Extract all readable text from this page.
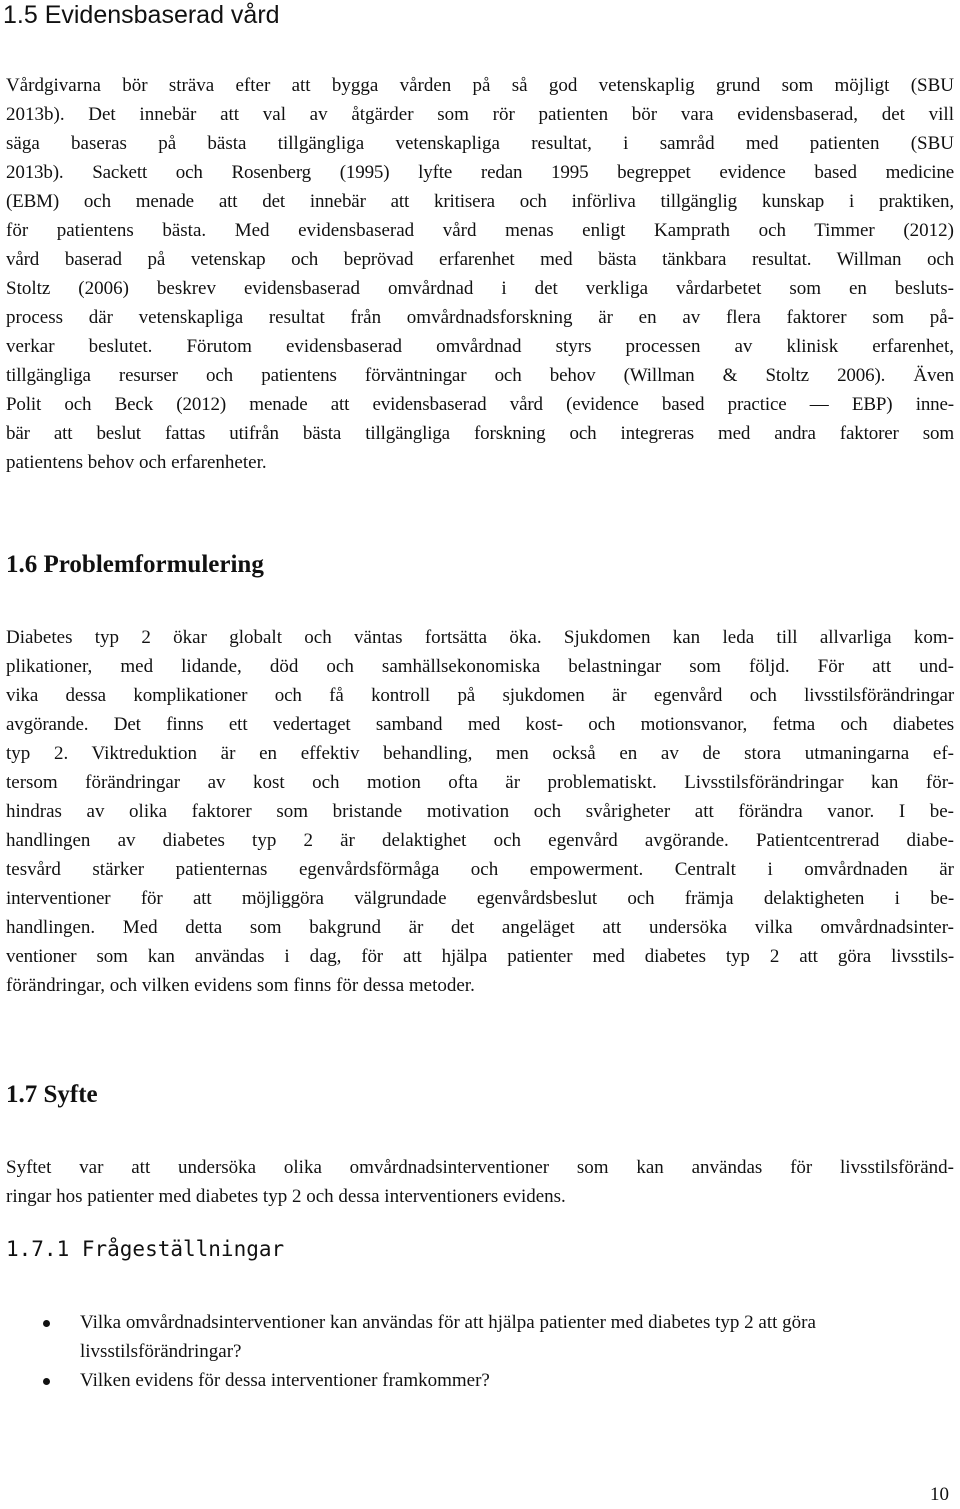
1.5 Evidensbaserad vård
Vårdgivarna bör sträva efter att bygga vården på så god vetenskaplig grund som möjligt (SBU
2013b). Det innebär att val av åtgärder som rör patienten bör vara evidensbaserad, det vill
säga baseras på bästa tillgängliga vetenskapliga resultat, i samråd med patienten (SBU
2013b). Sackett och Rosenberg (1995) lyfte redan 1995 begreppet evidence based medicine
(EBM) och menade att det innebär att kritisera och införliva tillgänglig kunskap i praktiken,
för patientens bästa. Med evidensbaserad vård menas enligt Kamprath och Timmer (2012)
vård baserad på vetenskap och beprövad erfarenhet med bästa tänkbara resultat. Willman och
Stoltz (2006) beskrev evidensbaserad omvårdnad i det verkliga vårdarbetet som en besluts-
process där vetenskapliga resultat från omvårdnadsforskning är en av flera faktorer som på-
verkar beslutet. Förutom evidensbaserad omvårdnad styrs processen av klinisk erfarenhet,
tillgängliga resurser och patientens förväntningar och behov (Willman & Stoltz 2006). Även
Polit och Beck (2012) menade att evidensbaserad vård (evidence based practice — EBP) inne-
bär att beslut fattas utifrån bästa tillgängliga forskning och integreras med andra faktorer som
patientens behov och erfarenheter.
1.6 Problemformulering
Diabetes typ 2 ökar globalt och väntas fortsätta öka. Sjukdomen kan leda till allvarliga kom-
plikationer, med lidande, död och samhällsekonomiska belastningar som följd. För att und-
vika dessa komplikationer och få kontroll på sjukdomen är egenvård och livsstilsförändringar
avgörande. Det finns ett vedertaget samband med kost- och motionsvanor, fetma och diabetes
typ 2. Viktreduktion är en effektiv behandling, men också en av de stora utmaningarna ef-
tersom förändringar av kost och motion ofta är problematiskt. Livsstilsförändringar kan för-
hindras av olika faktorer som bristande motivation och svårigheter att förändra vanor. I be-
handlingen av diabetes typ 2 är delaktighet och egenvård avgörande. Patientcentrerad diabe-
tesvård stärker patienternas egenvårdsförmåga och empowerment. Centralt i omvårdnaden är
interventioner för att möjliggöra välgrundade egenvårdsbeslut och främja delaktigheten i be-
handlingen. Med detta som bakgrund är det angeläget att undersöka vilka omvårdnadsinter-
ventioner som kan användas i dag, för att hjälpa patienter med diabetes typ 2 att göra livsstils-
förändringar, och vilken evidens som finns för dessa metoder.
1.7 Syfte
Syftet var att undersöka olika omvårdnadsinterventioner som kan användas för livsstilsföränd-
ringar hos patienter med diabetes typ 2 och dessa interventioners evidens.
1.7.1 Frågeställningar
Vilka omvårdnadsinterventioner kan användas för att hjälpa patienter med diabetes typ 2 att göra livsstilsförändringar?
Vilken evidens för dessa interventioner framkommer?
10
